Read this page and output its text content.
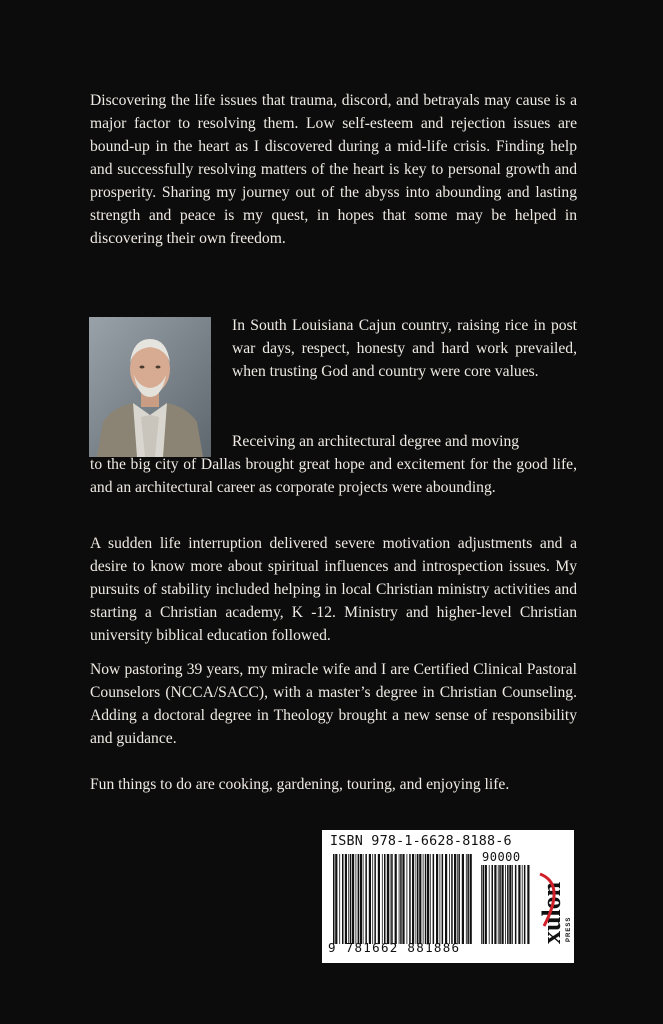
Discovering the life issues that trauma, discord, and betrayals may cause is a major factor to resolving them. Low self-esteem and rejection issues are bound-up in the heart as I discovered during a mid-life crisis. Finding help and successfully resolving matters of the heart is key to personal growth and prosperity. Sharing my journey out of the abyss into abounding and lasting strength and peace is my quest, in hopes that some may be helped in discovering their own freedom.

In South Louisiana Cajun country, raising rice in post war days, respect, honesty and hard work prevailed, when trusting God and country were core values.

Receiving an architectural degree and moving
to the big city of Dallas brought great hope and excitement for the good life, and an architectural career as corporate projects were abounding.

A sudden life interruption delivered severe motivation adjustments and a desire to know more about spiritual influences and introspection issues. My pursuits of stability included helping in local Christian ministry activities and starting a Christian academy, K -12. Ministry and higher-level Christian university biblical education followed.

Now pastoring 39 years, my miracle wife and I are Certified Clinical Pastoral Counselors (NCCA/SACC), with a master’s degree in Christian Counseling. Adding a doctoral degree in Theology brought a new sense of responsibility and guidance.

Fun things to do are cooking, gardening, touring, and enjoying life.

ISBN 978-1-6628-8188-6
90000
9 781662 881886
xulon PRESS
